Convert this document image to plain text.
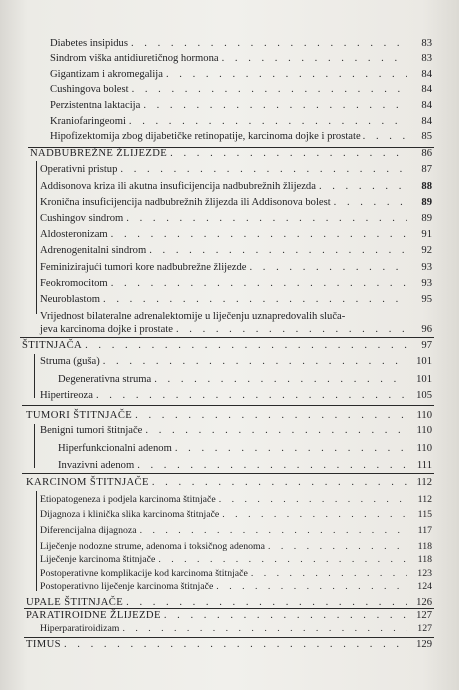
Diabetes insipidus . . .	83
Sindrom viška antidiuretičnog hormona . . .	83
Gigantizam i akromegalija . . .	84
Cushingova bolest . . .	84
Perzistentna laktacija . . .	84
Kraniofaringeomi . . .	84
Hipofizektomija zbog dijabetičke retinopatije, karcinoma dojke i prostate . . .	85
NADBUBREŽNE ŽLIJEZDE . . .	86
Operativni pristup . . .	87
Addisonova kriza ili akutna insuficijencija nadbubrežnih žlijezda . . .	88
Kronična insuficijencija nadbubrežnih žlijezda ili Addisonova bolest . . .	89
Cushingov sindrom . . .	89
Aldosteronizam . . .	91
Adrenogenitalni sindrom . . .	92
Feminizirajući tumori kore nadbubrežne žlijezde . . .	93
Feokromocitom . . .	93
Neuroblastom . . .	95
Vrijednost bilateralne adrenalektomije u liječenju uznapredovalih sluča-
jeva karcinoma dojke i prostate . . .	96
ŠTITNJAČA . . .	97
Struma (guša) . . .	101
Degenerativna struma . . .	101
Hipertireoza . . .	105
TUMORI ŠTITNJAČE . . .	110
Benigni tumori štitnjače . . .	110
Hiperfunkcionalni adenom . . .	110
Invazivni adenom . . .	111
KARCINOM ŠTITNJAČE . . .	112
Etiopatogeneza i podjela karcinoma štitnjače . . .	112
Dijagnoza i klinička slika karcinoma štitnjače . . .	115
Diferencijalna dijagnoza . . .	117
Liječenje nodozne strume, adenoma i toksičnog adenoma . . .	118
Liječenje karcinoma štitnjače . . .	118
Postoperativne komplikacije kod karcinoma štitnjače . . .	123
Postoperativno liječenje karcinoma štitnjače . . .	124
UPALE ŠTITNJAČE . . .	126
PARATIROIDNE ŽLIJEZDE . . .	127
Hiperparatiroidizam . . .	127
TIMUS . . .	129
